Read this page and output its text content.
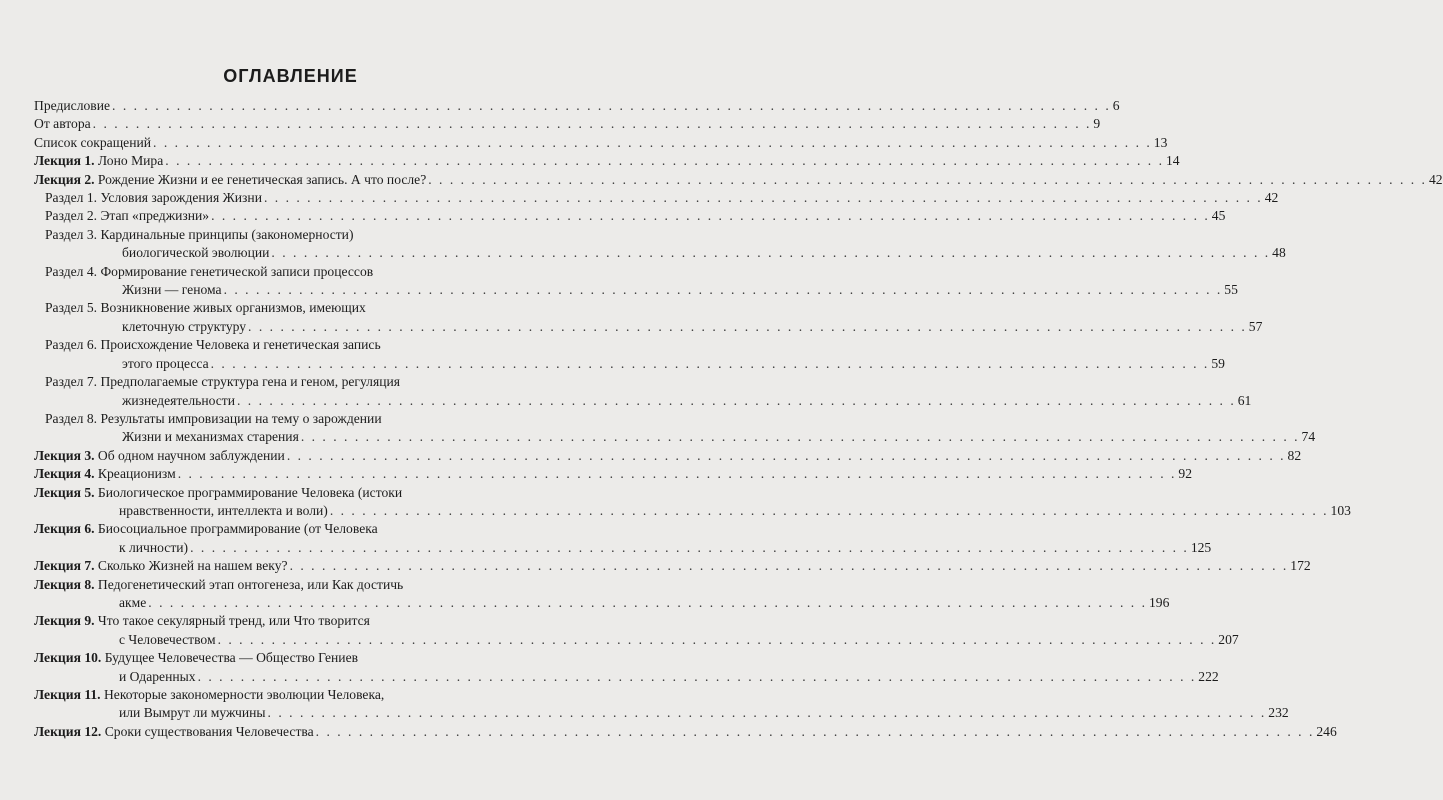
ОГЛАВЛЕНИЕ
Предисловие . . .	6
От автора . . .	9
Список сокращений . . .	13
Лекция 1. Лоно Мира . . .	14
Лекция 2. Рождение Жизни и ее генетическая запись. А что после? . . .	42
Раздел 1. Условия зарождения Жизни . . .	42
Раздел 2. Этап «преджизни» . . .	45
Раздел 3. Кардинальные принципы (закономерности)
биологической эволюции . . .	48
Раздел 4. Формирование генетической записи процессов
Жизни — генома . . .	55
Раздел 5. Возникновение живых организмов, имеющих
клеточную структуру . . .	57
Раздел 6. Происхождение Человека и генетическая запись
этого процесса . . .	59
Раздел 7. Предполагаемые структура гена и геном, регуляция
жизнедеятельности . . .	61
Раздел 8. Результаты импровизации на тему о зарождении
Жизни и механизмах старения . . .	74
Лекция 3. Об одном научном заблуждении . . .	82
Лекция 4. Креационизм . . .	92
Лекция 5. Биологическое программирование Человека (истоки
нравственности, интеллекта и воли) . . .	103
Лекция 6. Биосоциальное программирование (от Человека
к личности) . . .	125
Лекция 7. Сколько Жизней на нашем веку? . . .	172
Лекция 8. Педогенетический этап онтогенеза, или Как достичь
акме . . .	196
Лекция 9. Что такое секулярный тренд, или Что творится
с Человечеством . . .	207
Лекция 10. Будущее Человечества — Общество Гениев
и Одаренных . . .	222
Лекция 11. Некоторые закономерности эволюции Человека,
или Вымрут ли мужчины . . .	232
Лекция 12. Сроки существования Человечества . . .	246
